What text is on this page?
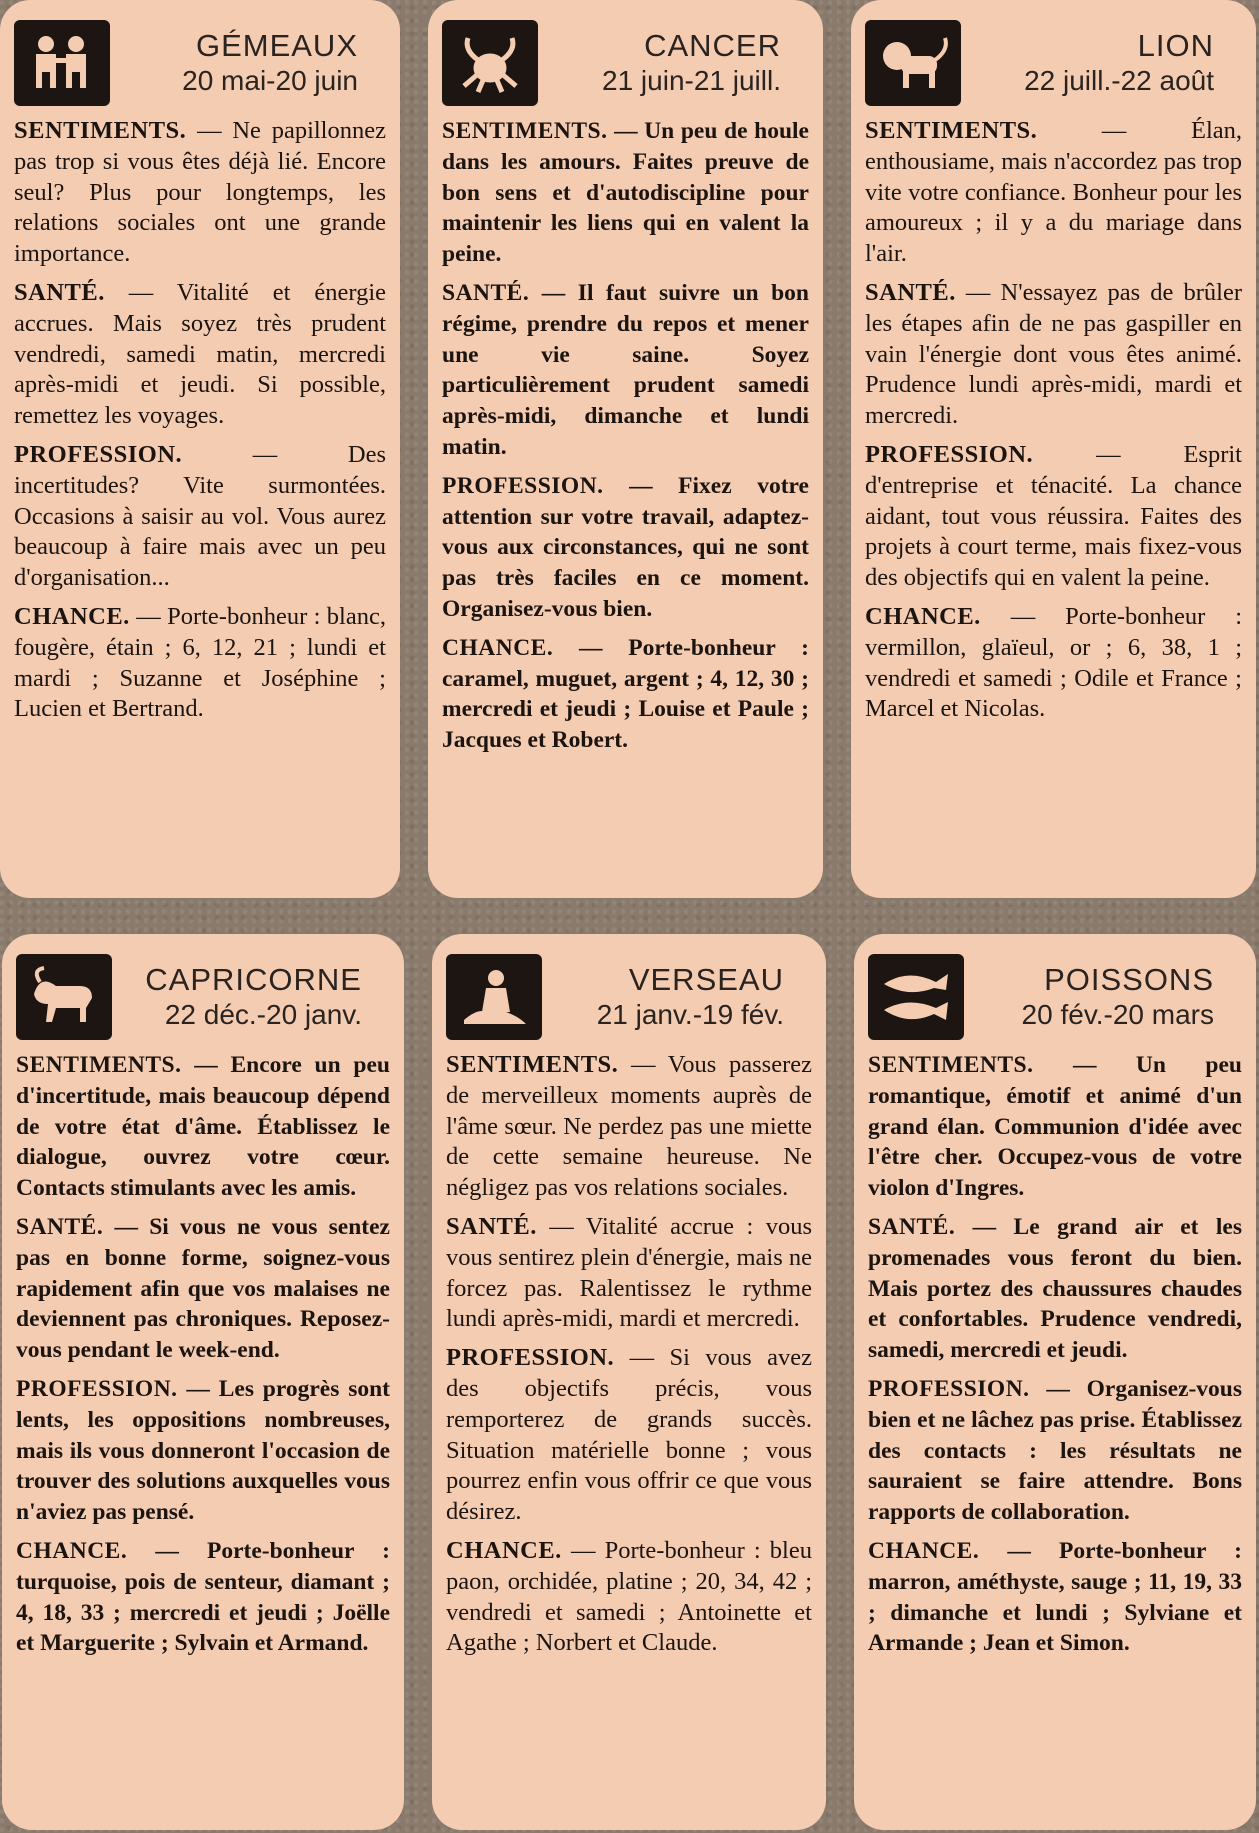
GÉMEAUX
20 mai-20 juin

SENTIMENTS. — Ne papillonnez pas trop si vous êtes déjà lié. Encore seul? Plus pour longtemps, les relations sociales ont une grande importance.

SANTÉ. — Vitalité et énergie accrues. Mais soyez très prudent vendredi, samedi matin, mercredi après-midi et jeudi. Si possible, remettez les voyages.

PROFESSION.	— Des incertitudes? Vite surmontées. Occasions à saisir au vol. Vous aurez beaucoup à faire mais avec un peu d'organisation...

CHANCE. — Porte-bonheur : blanc, fougère, étain ; 6, 12, 21 ; lundi et mardi ; Suzanne et Joséphine ; Lucien et Bertrand.

CANCER
21 juin-21 juill.

SENTIMENTS. — Un peu de houle dans les amours. Faites preuve de bon sens et d'autodiscipline pour maintenir les liens qui en valent la peine.

SANTÉ. — Il faut suivre un bon régime, prendre du repos et mener une vie saine. Soyez particulièrement prudent samedi après-midi, dimanche et lundi matin.

PROFESSION. — Fixez votre attention sur votre travail, adaptez-vous aux circonstances, qui ne sont pas très faciles en ce moment. Organisez-vous bien.

CHANCE. — Porte-bonheur : caramel, muguet, argent ; 4, 12, 30 ; mercredi et jeudi ; Louise et Paule ; Jacques et Robert.

LION
22 juill.-22 août

SENTIMENTS.	— Élan, enthousiame, mais n'accordez pas trop vite votre confiance. Bonheur pour les amoureux ; il y a du mariage dans l'air.

SANTÉ. — N'essayez pas de brûler les étapes afin de ne pas gaspiller en vain l'énergie dont vous êtes animé. Prudence lundi après-midi, mardi et mercredi.

PROFESSION.	— Esprit d'entreprise et ténacité. La chance aidant, tout vous réussira. Faites des projets à court terme, mais fixez-vous des objectifs qui en valent la peine.

CHANCE. — Porte-bonheur : vermillon, glaïeul, or ; 6, 38, 1 ; vendredi et samedi ; Odile et France ; Marcel et Nicolas.

CAPRICORNE
22 déc.-20 janv.

SENTIMENTS. — Encore un peu d'incertitude, mais beaucoup dépend de votre état d'âme. Établissez le dialogue, ouvrez votre cœur. Contacts stimulants avec les amis.

SANTÉ. — Si vous ne vous sentez pas en bonne forme, soignez-vous rapidement afin que vos malaises ne deviennent pas chroniques. Reposez-vous pendant le week-end.

PROFESSION. — Les progrès sont lents, les oppositions nombreuses, mais ils vous donneront l'occasion de trouver des solutions auxquelles vous n'aviez pas pensé.

CHANCE. — Porte-bonheur : turquoise, pois de senteur, diamant ; 4, 18, 33 ; mercredi et jeudi ; Joëlle et Marguerite ; Sylvain et Armand.

VERSEAU
21 janv.-19 fév.

SENTIMENTS. — Vous passerez de merveilleux moments auprès de l'âme sœur. Ne perdez pas une miette de cette semaine heureuse. Ne négligez pas vos relations sociales.

SANTÉ. — Vitalité accrue : vous vous sentirez plein d'énergie, mais ne forcez pas. Ralentissez le rythme lundi après-midi, mardi et mercredi.

PROFESSION. — Si vous avez des objectifs précis, vous remporterez de grands succès. Situation matérielle bonne ; vous pourrez enfin vous offrir ce que vous désirez.

CHANCE. — Porte-bonheur : bleu paon, orchidée, platine ; 20, 34, 42 ; vendredi et samedi ; Antoinette et Agathe ; Norbert et Claude.

POISSONS
20 fév.-20 mars

SENTIMENTS. — Un peu romantique, émotif et animé d'un grand élan. Communion d'idée avec l'être cher. Occupez-vous de votre violon d'Ingres.

SANTÉ. — Le grand air et les promenades vous feront du bien. Mais portez des chaussures chaudes et confortables. Prudence vendredi, samedi, mercredi et jeudi.

PROFESSION. — Organisez-vous bien et ne lâchez pas prise. Établissez des contacts : les résultats ne sauraient se faire attendre. Bons rapports de collaboration.

CHANCE. — Porte-bonheur : marron, améthyste, sauge ; 11, 19, 33 ; dimanche et lundi ; Sylviane et Armande ; Jean et Simon.
